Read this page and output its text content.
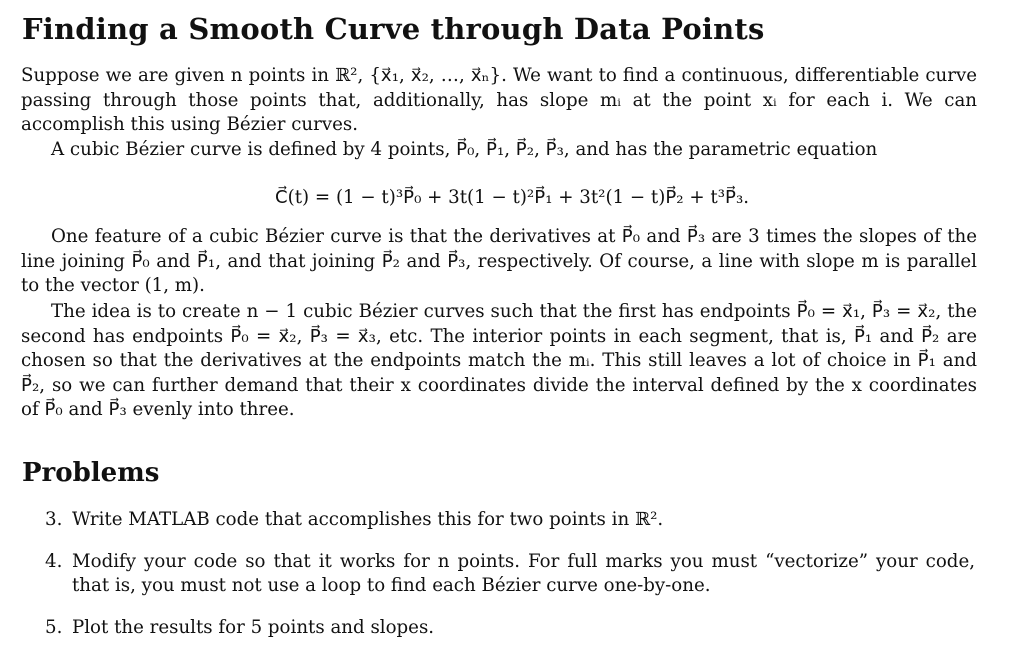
Finding a Smooth Curve through Data Points

Suppose we are given n points in ℝ², {x⃗₁, x⃗₂, …, x⃗ₙ}. We want to find a continuous, differentiable curve passing through those points that, additionally, has slope mᵢ at the point xᵢ for each i. We can accomplish this using Bézier curves.

A cubic Bézier curve is defined by 4 points, P⃗₀, P⃗₁, P⃗₂, P⃗₃, and has the parametric equation

C⃗(t) = (1 − t)³P⃗₀ + 3t(1 − t)²P⃗₁ + 3t²(1 − t)P⃗₂ + t³P⃗₃.

One feature of a cubic Bézier curve is that the derivatives at P⃗₀ and P⃗₃ are 3 times the slopes of the line joining P⃗₀ and P⃗₁, and that joining P⃗₂ and P⃗₃, respectively. Of course, a line with slope m is parallel to the vector (1, m).

The idea is to create n − 1 cubic Bézier curves such that the first has endpoints P⃗₀ = x⃗₁, P⃗₃ = x⃗₂, the second has endpoints P⃗₀ = x⃗₂, P⃗₃ = x⃗₃, etc. The interior points in each segment, that is, P⃗₁ and P⃗₂ are chosen so that the derivatives at the endpoints match the mᵢ. This still leaves a lot of choice in P⃗₁ and P⃗₂, so we can further demand that their x coordinates divide the interval defined by the x coordinates of P⃗₀ and P⃗₃ evenly into three.

Problems
3. Write MATLAB code that accomplishes this for two points in ℝ².
4. Modify your code so that it works for n points. For full marks you must “vectorize” your code, that is, you must not use a loop to find each Bézier curve one-by-one.
5. Plot the results for 5 points and slopes.
